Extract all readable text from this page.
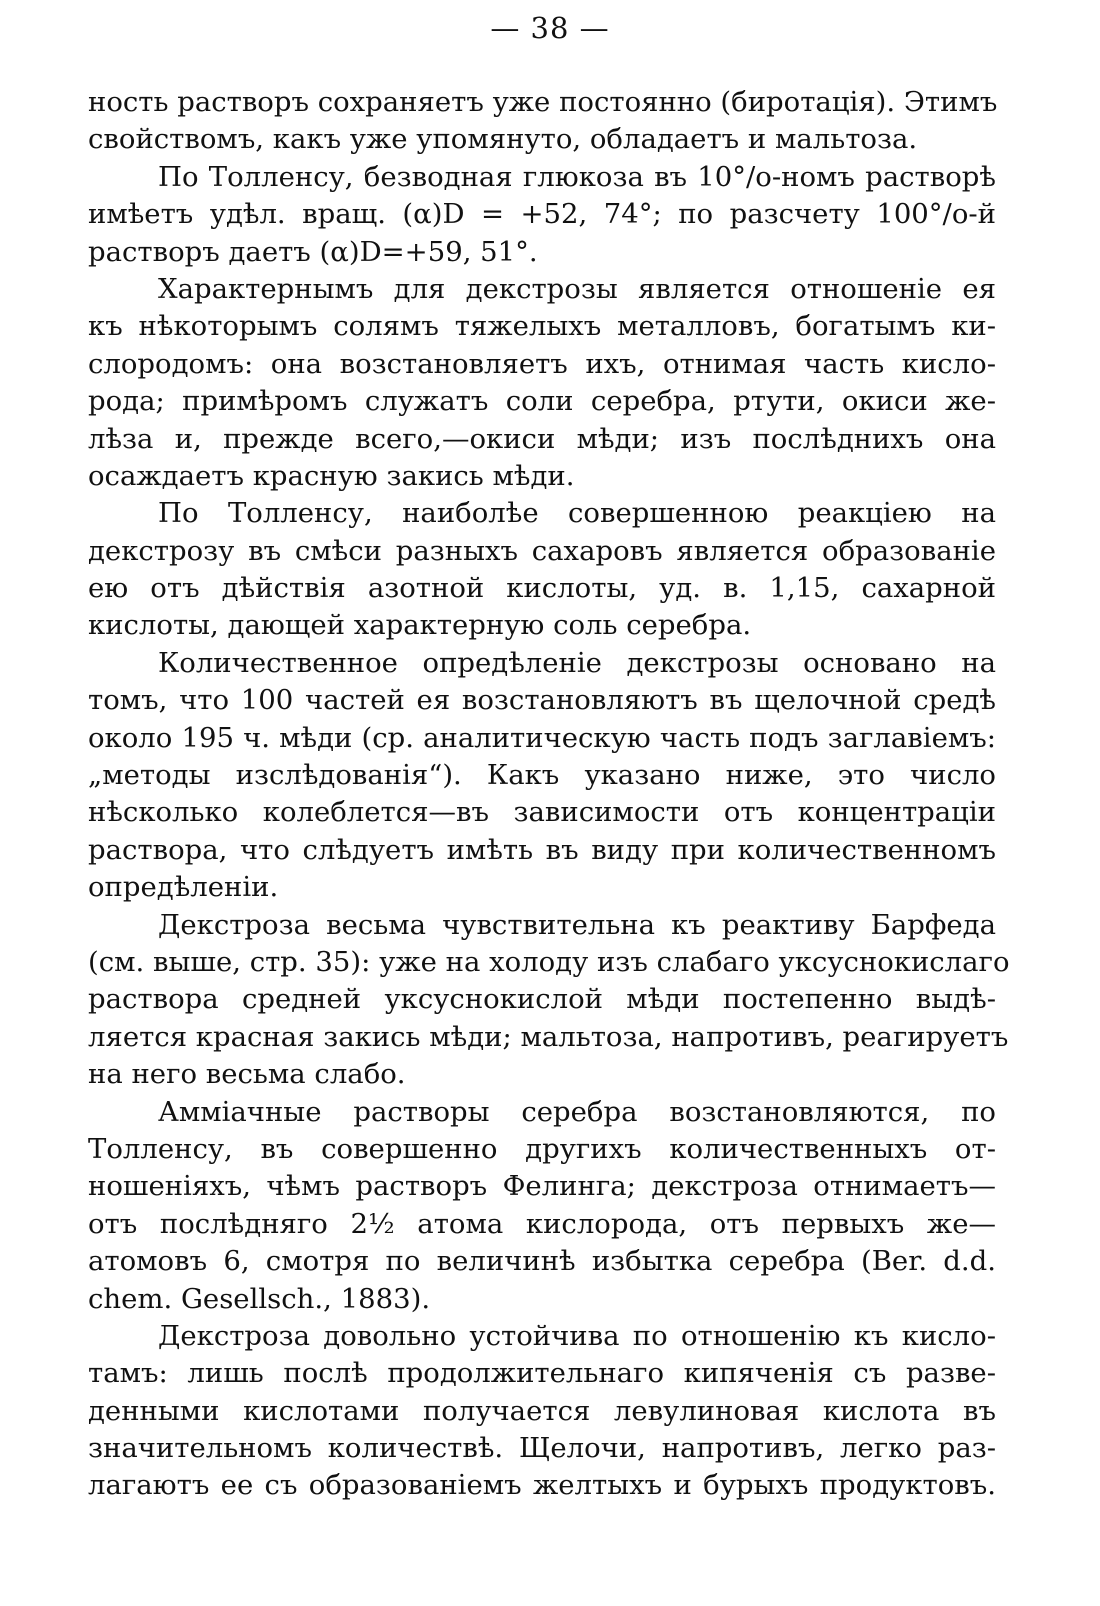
— 38 —
ность растворъ сохраняетъ уже постоянно (биротація). Этимъ
свойствомъ, какъ уже упомянуто, обладаетъ и мальтоза.
По Толленсу, безводная глюкоза въ 10°/o-номъ растворѣ
имѣетъ удѣл. вращ. (α)D = +52, 74°; по разсчету 100°/o-й
растворъ даетъ (α)D=+59, 51°.
Характернымъ для декстрозы является отношеніе ея
къ нѣкоторымъ солямъ тяжелыхъ металловъ, богатымъ ки-
слородомъ: она возстановляетъ ихъ, отнимая часть кисло-
рода; примѣромъ служатъ соли серебра, ртути, окиси же-
лѣза и, прежде всего,—окиси мѣди; изъ послѣднихъ она
осаждаетъ красную закись мѣди.
По Толленсу, наиболѣе совершенною реакціею на
декстрозу въ смѣси разныхъ сахаровъ является образованіе
ею отъ дѣйствія азотной кислоты, уд. в. 1,15, сахарной
кислоты, дающей характерную соль серебра.
Количественное опредѣленіе декстрозы основано на
томъ, что 100 частей ея возстановляютъ въ щелочной средѣ
около 195 ч. мѣди (ср. аналитическую часть подъ заглавіемъ:
„методы изслѣдованія“). Какъ указано ниже, это число
нѣсколько колеблется—въ зависимости отъ концентраціи
раствора, что слѣдуетъ имѣть въ виду при количественномъ
опредѣленіи.
Декстроза весьма чувствительна къ реактиву Барфеда
(см. выше, стр. 35): уже на холоду изъ слабаго уксуснокислаго
раствора средней уксуснокислой мѣди постепенно выдѣ-
ляется красная закись мѣди; мальтоза, напротивъ, реагируетъ
на него весьма слабо.
Амміачные растворы серебра возстановляются, по
Толленсу, въ совершенно другихъ количественныхъ от-
ношеніяхъ, чѣмъ растворъ Фелинга; декстроза отнимаетъ—
отъ послѣдняго 2½ атома кислорода, отъ первыхъ же—
атомовъ 6, смотря по величинѣ избытка серебра (Ber. d.d.
chem. Gesellsch., 1883).
Декстроза довольно устойчива по отношенію къ кисло-
тамъ: лишь послѣ продолжительнаго кипяченія съ разве-
денными кислотами получается левулиновая кислота въ
значительномъ количествѣ. Щелочи, напротивъ, легко раз-
лагаютъ ее съ образованіемъ желтыхъ и бурыхъ продуктовъ.
